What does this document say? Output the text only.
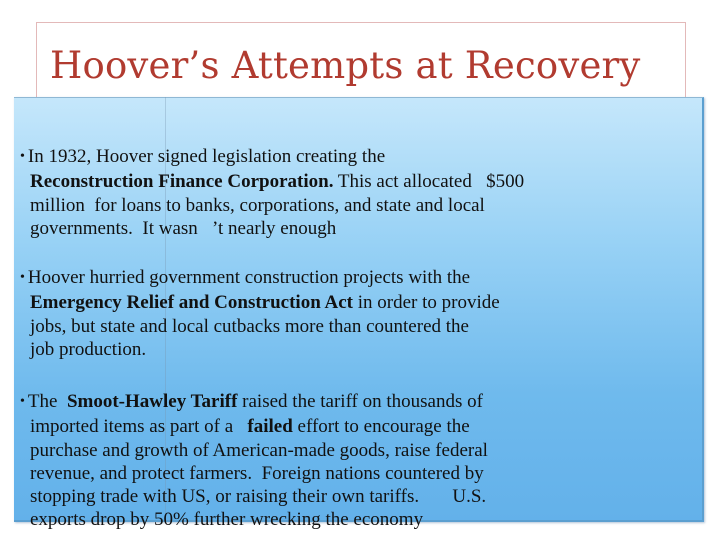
Hoover’s Attempts at Recovery
• In 1932, Hoover signed legislation creating the
Reconstruction Finance Corporation. This act allocated   $500
million  for loans to banks, corporations, and state and local
governments.  It wasn   ’t nearly enough
• Hoover hurried government construction projects with the
Emergency Relief and Construction Act in order to provide
jobs, but state and local cutbacks more than countered the
job production.
• The  Smoot-Hawley Tariff raised the tariff on thousands of
imported items as part of a   failed effort to encourage the
purchase and growth of American-made goods, raise federal
revenue, and protect farmers.  Foreign nations countered by
stopping trade with US, or raising their own tariffs.       U.S.
exports drop by 50% further wrecking the economy
